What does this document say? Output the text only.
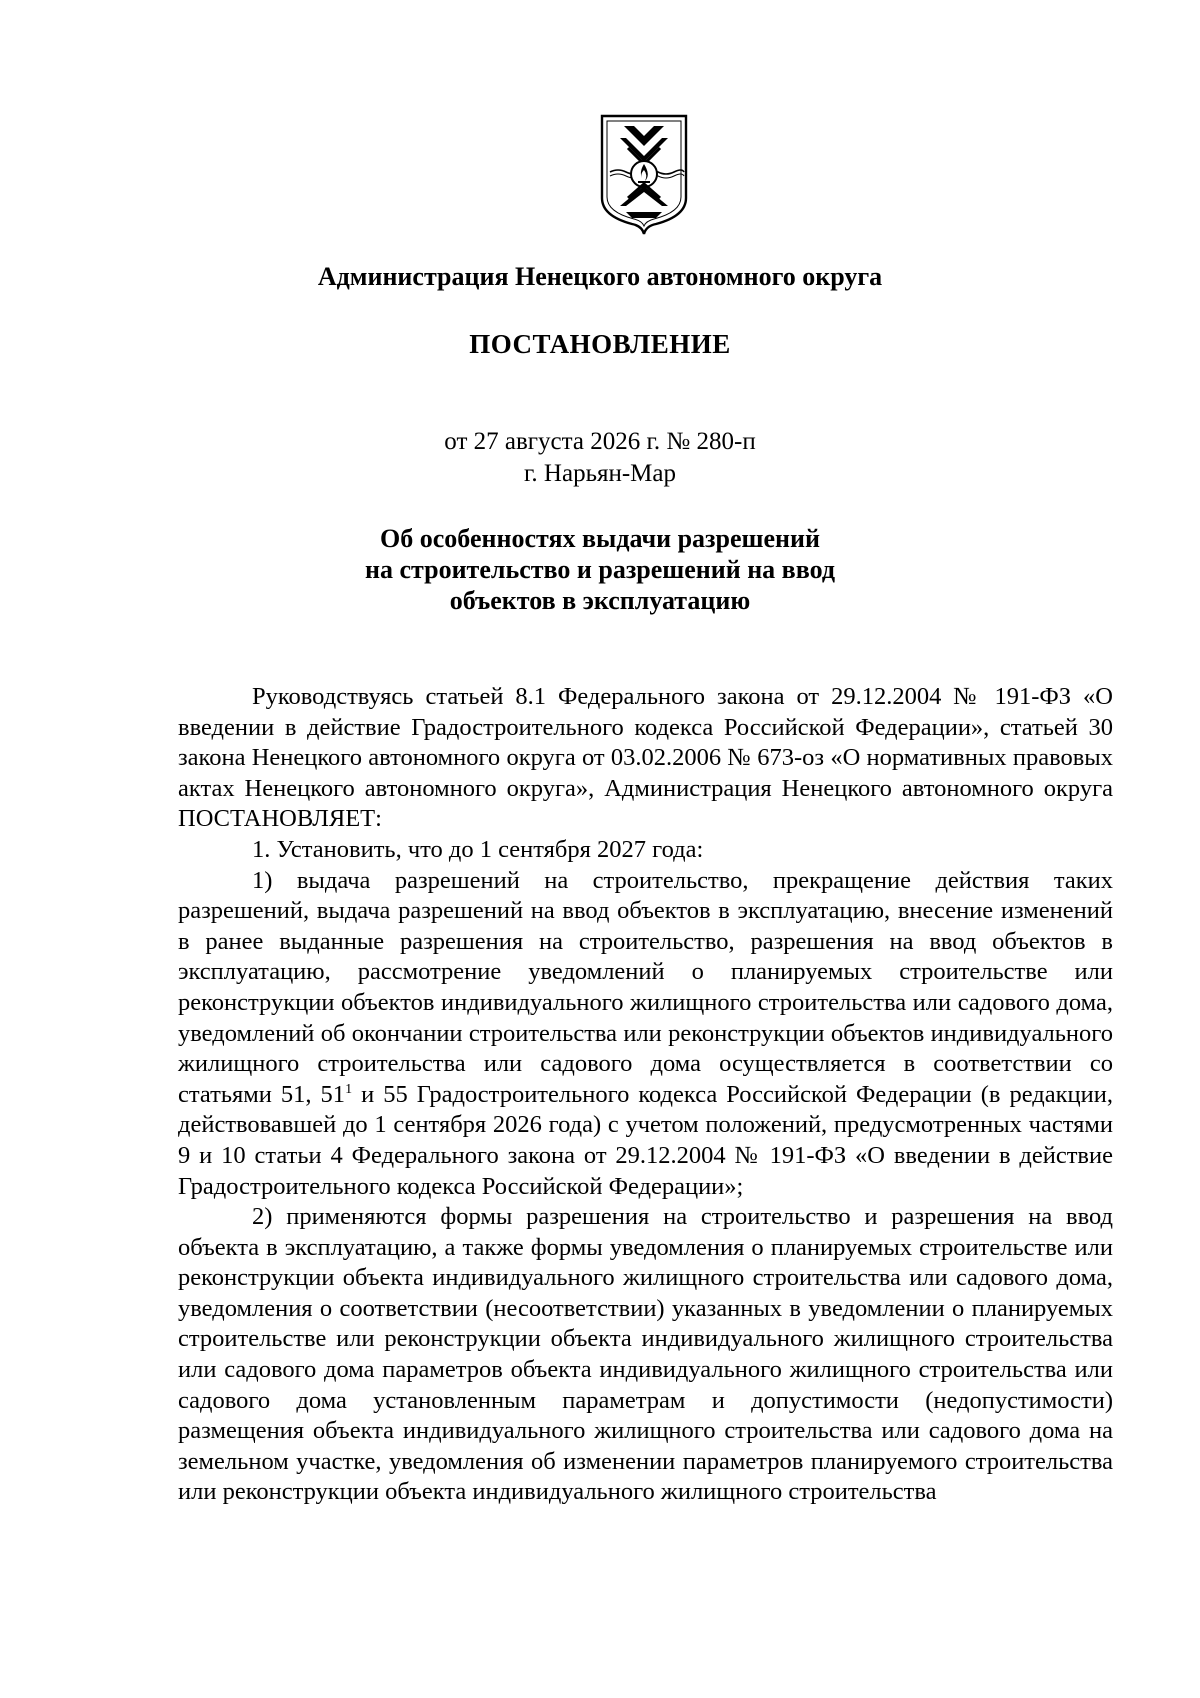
Администрация Ненецкого автономного округа
ПОСТАНОВЛЕНИЕ
от 27 августа 2026 г. № 280-п
г. Нарьян-Мар
Об особенностях выдачи разрешений
на строительство и разрешений на ввод
объектов в эксплуатацию

Руководствуясь статьей 8.1 Федерального закона от 29.12.2004 № 191-ФЗ «О введении в действие Градостроительного кодекса Российской Федерации», статьей 30 закона Ненецкого автономного округа от 03.02.2006 № 673-оз «О нормативных правовых актах Ненецкого автономного округа», Администрация Ненецкого автономного округа ПОСТАНОВЛЯЕТ:

1. Установить, что до 1 сентября 2027 года:

1) выдача разрешений на строительство, прекращение действия таких разрешений, выдача разрешений на ввод объектов в эксплуатацию, внесение изменений в ранее выданные разрешения на строительство, разрешения на ввод объектов в эксплуатацию, рассмотрение уведомлений о планируемых строительстве или реконструкции объектов индивидуального жилищного строительства или садового дома, уведомлений об окончании строительства или реконструкции объектов индивидуального жилищного строительства или садового дома осуществляется в соответствии со статьями 51, $51^1$ и 55 Градостроительного кодекса Российской Федерации (в редакции, действовавшей до 1 сентября 2026 года) с учетом положений, предусмотренных частями 9 и 10 статьи 4 Федерального закона от 29.12.2004 № 191-ФЗ «О введении в действие Градостроительного кодекса Российской Федерации»;

2) применяются формы разрешения на строительство и разрешения на ввод объекта в эксплуатацию, а также формы уведомления о планируемых строительстве или реконструкции объекта индивидуального жилищного строительства или садового дома, уведомления о соответствии (несоответствии) указанных в уведомлении о планируемых строительстве или реконструкции объекта индивидуального жилищного строительства или садового дома параметров объекта индивидуального жилищного строительства или садового дома установленным параметрам и допустимости (недопустимости) размещения объекта индивидуального жилищного строительства или садового дома на земельном участке, уведомления об изменении параметров планируемого строительства или реконструкции объекта индивидуального жилищного строительства
